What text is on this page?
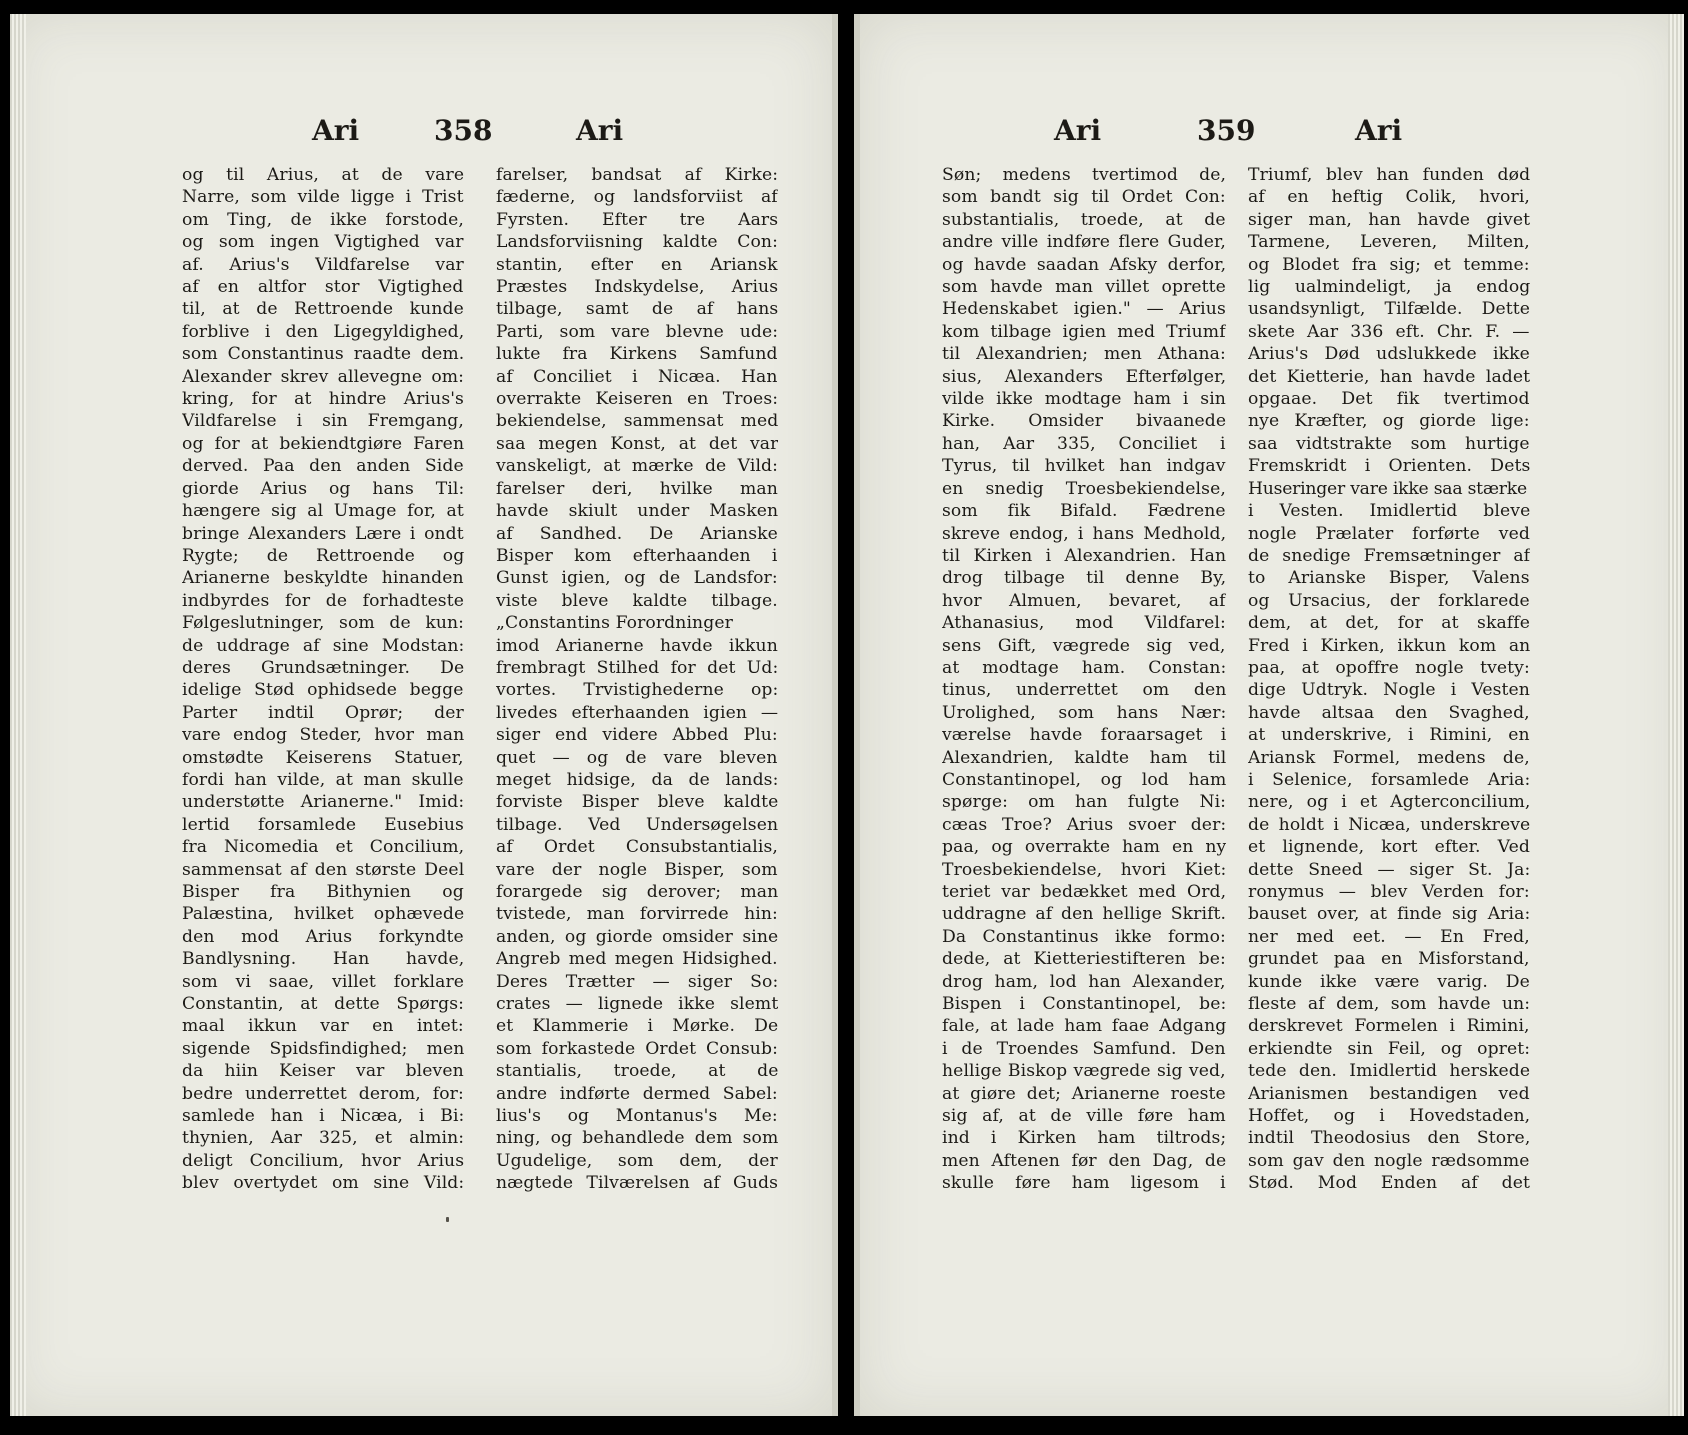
Ari	358	Ari
og til Arius, at de vare
Narre, som vilde ligge i Trist
om Ting, de ikke forstode,
og som ingen Vigtighed var
af. Arius's Vildfarelse var
af en altfor stor Vigtighed
til, at de Rettroende kunde
forblive i den Ligegyldighed,
som Constantinus raadte dem.
Alexander skrev allevegne om:
kring, for at hindre Arius's
Vildfarelse i sin Fremgang,
og for at bekiendtgiøre Faren
derved. Paa den anden Side
giorde Arius og hans Til:
hængere sig al Umage for, at
bringe Alexanders Lære i ondt
Rygte; de Rettroende og
Arianerne beskyldte hinanden
indbyrdes for de forhadteste
Følgeslutninger, som de kun:
de uddrage af sine Modstan:
deres Grundsætninger. De
idelige Stød ophidsede begge
Parter indtil Oprør; der
vare endog Steder, hvor man
omstødte Keiserens Statuer,
fordi han vilde, at man skulle
understøtte Arianerne." Imid:
lertid forsamlede Eusebius
fra Nicomedia et Concilium,
sammensat af den største Deel
Bisper fra Bithynien og
Palæstina, hvilket ophævede
den mod Arius forkyndte
Bandlysning. Han havde,
som vi saae, villet forklare
Constantin, at dette Spørgs:
maal ikkun var en intet:
sigende Spidsfindighed; men
da hiin Keiser var bleven
bedre underrettet derom, for:
samlede han i Nicæa, i Bi:
thynien, Aar 325, et almin:
deligt Concilium, hvor Arius
blev overtydet om sine Vild:
farelser, bandsat af Kirke:
fæderne, og landsforviist af
Fyrsten. Efter tre Aars
Landsforviisning kaldte Con:
stantin, efter en Ariansk
Præstes Indskydelse, Arius
tilbage, samt de af hans
Parti, som vare blevne ude:
lukte fra Kirkens Samfund
af Conciliet i Nicæa. Han
overrakte Keiseren en Troes:
bekiendelse, sammensat med
saa megen Konst, at det var
vanskeligt, at mærke de Vild:
farelser deri, hvilke man
havde skiult under Masken
af Sandhed. De Arianske
Bisper kom efterhaanden i
Gunst igien, og de Landsfor:
viste bleve kaldte tilbage.
„Constantins Forordninger
imod Arianerne havde ikkun
frembragt Stilhed for det Ud:
vortes. Trvistighederne op:
livedes efterhaanden igien —
siger end videre Abbed Plu:
quet — og de vare bleven
meget hidsige, da de lands:
forviste Bisper bleve kaldte
tilbage. Ved Undersøgelsen
af Ordet Consubstantialis,
vare der nogle Bisper, som
forargede sig derover; man
tvistede, man forvirrede hin:
anden, og giorde omsider sine
Angreb med megen Hidsighed.
Deres Trætter — siger So:
crates — lignede ikke slemt
et Klammerie i Mørke. De
som forkastede Ordet Consub:
stantialis, troede, at de
andre indførte dermed Sabel:
lius's og Montanus's Me:
ning, og behandlede dem som
Ugudelige, som dem, der
nægtede Tilværelsen af Guds
Ari	359	Ari
Søn; medens tvertimod de,
som bandt sig til Ordet Con:
substantialis, troede, at de
andre ville indføre flere Guder,
og havde saadan Afsky derfor,
som havde man villet oprette
Hedenskabet igien." — Arius
kom tilbage igien med Triumf
til Alexandrien; men Athana:
sius, Alexanders Efterfølger,
vilde ikke modtage ham i sin
Kirke. Omsider bivaanede
han, Aar 335, Conciliet i
Tyrus, til hvilket han indgav
en snedig Troesbekiendelse,
som fik Bifald. Fædrene
skreve endog, i hans Medhold,
til Kirken i Alexandrien. Han
drog tilbage til denne By,
hvor Almuen, bevaret, af
Athanasius, mod Vildfarel:
sens Gift, vægrede sig ved,
at modtage ham. Constan:
tinus, underrettet om den
Urolighed, som hans Nær:
værelse havde foraarsaget i
Alexandrien, kaldte ham til
Constantinopel, og lod ham
spørge: om han fulgte Ni:
cæas Troe? Arius svoer der:
paa, og overrakte ham en ny
Troesbekiendelse, hvori Kiet:
teriet var bedækket med Ord,
uddragne af den hellige Skrift.
Da Constantinus ikke formo:
dede, at Kietteriestifteren be:
drog ham, lod han Alexander,
Bispen i Constantinopel, be:
fale, at lade ham faae Adgang
i de Troendes Samfund. Den
hellige Biskop vægrede sig ved,
at giøre det; Arianerne roeste
sig af, at de ville føre ham
ind i Kirken ham tiltrods;
men Aftenen før den Dag, de
skulle føre ham ligesom i
Triumf, blev han funden død
af en heftig Colik, hvori,
siger man, han havde givet
Tarmene, Leveren, Milten,
og Blodet fra sig; et temme:
lig ualmindeligt, ja endog
usandsynligt, Tilfælde. Dette
skete Aar 336 eft. Chr. F. —
Arius's Død udslukkede ikke
det Kietterie, han havde ladet
opgaae. Det fik tvertimod
nye Kræfter, og giorde lige:
saa vidtstrakte som hurtige
Fremskridt i Orienten. Dets
Huseringer vare ikke saa stærke
i Vesten. Imidlertid bleve
nogle Prælater forførte ved
de snedige Fremsætninger af
to Arianske Bisper, Valens
og Ursacius, der forklarede
dem, at det, for at skaffe
Fred i Kirken, ikkun kom an
paa, at opoffre nogle tvety:
dige Udtryk. Nogle i Vesten
havde altsaa den Svaghed,
at underskrive, i Rimini, en
Ariansk Formel, medens de,
i Selenice, forsamlede Aria:
nere, og i et Agterconcilium,
de holdt i Nicæa, underskreve
et lignende, kort efter. Ved
dette Sneed — siger St. Ja:
ronymus — blev Verden for:
bauset over, at finde sig Aria:
ner med eet. — En Fred,
grundet paa en Misforstand,
kunde ikke være varig. De
fleste af dem, som havde un:
derskrevet Formelen i Rimini,
erkiendte sin Feil, og opret:
tede den. Imidlertid herskede
Arianismen bestandigen ved
Hoffet, og i Hovedstaden,
indtil Theodosius den Store,
som gav den nogle rædsomme
Stød. Mod Enden af det
